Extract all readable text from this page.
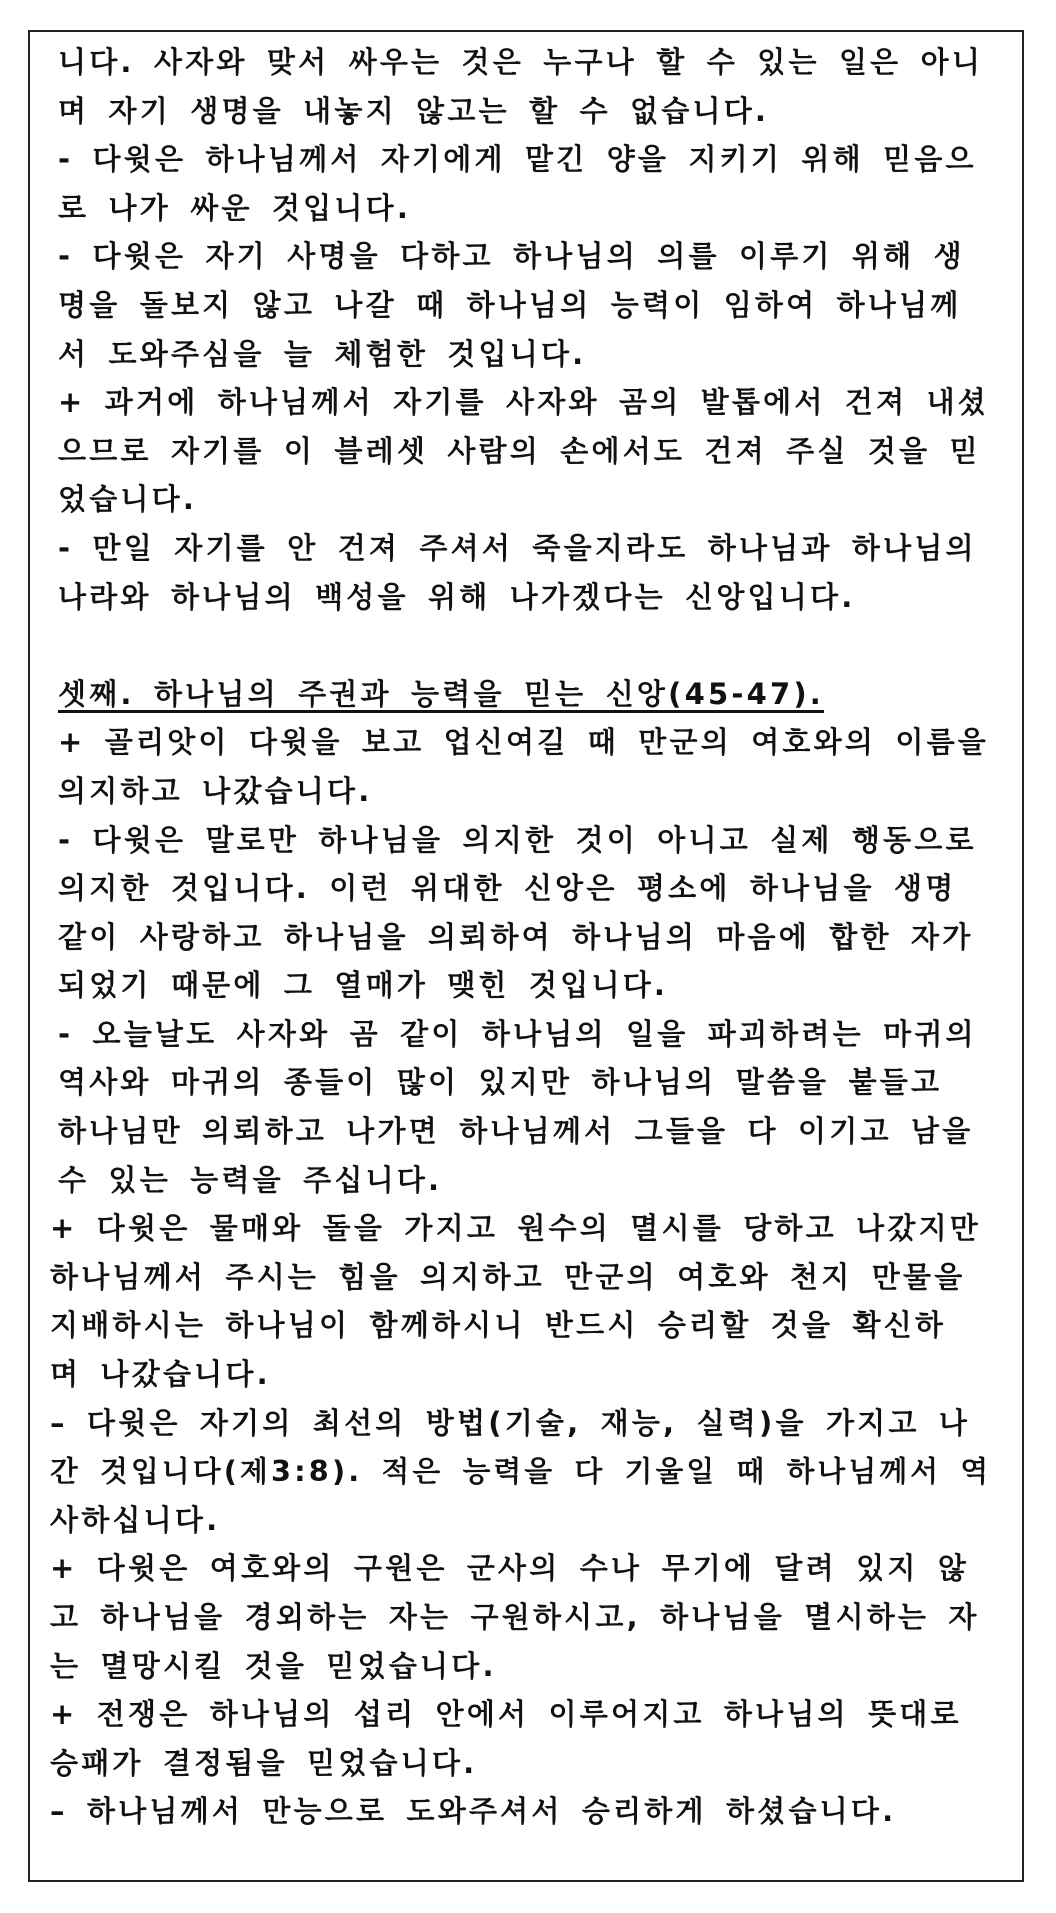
니다. 사자와 맞서 싸우는 것은 누구나 할 수 있는 일은 아니
며 자기 생명을 내놓지 않고는 할 수 없습니다.
- 다윗은 하나님께서 자기에게 맡긴 양을 지키기 위해 믿음으
로 나가 싸운 것입니다.
- 다윗은 자기 사명을 다하고 하나님의 의를 이루기 위해 생
명을 돌보지 않고 나갈 때 하나님의 능력이 임하여 하나님께
서 도와주심을 늘 체험한 것입니다.
+ 과거에 하나님께서 자기를 사자와 곰의 발톱에서 건져 내셨
으므로 자기를 이 블레셋 사람의 손에서도 건져 주실 것을 믿
었습니다.
- 만일 자기를 안 건져 주셔서 죽을지라도 하나님과 하나님의
나라와 하나님의 백성을 위해 나가겠다는 신앙입니다.
셋째. 하나님의 주권과 능력을 믿는 신앙(45-47).
+ 골리앗이 다윗을 보고 업신여길 때 만군의 여호와의 이름을
의지하고 나갔습니다.
- 다윗은 말로만 하나님을 의지한 것이 아니고 실제 행동으로
의지한 것입니다. 이런 위대한 신앙은 평소에 하나님을 생명
같이 사랑하고 하나님을 의뢰하여 하나님의 마음에 합한 자가
되었기 때문에 그 열매가 맺힌 것입니다.
- 오늘날도 사자와 곰 같이 하나님의 일을 파괴하려는 마귀의
역사와 마귀의 종들이 많이 있지만 하나님의 말씀을 붙들고
하나님만 의뢰하고 나가면 하나님께서 그들을 다 이기고 남을
수 있는 능력을 주십니다.
+ 다윗은 물매와 돌을 가지고 원수의 멸시를 당하고 나갔지만
하나님께서 주시는 힘을 의지하고 만군의 여호와 천지 만물을
지배하시는 하나님이 함께하시니 반드시 승리할 것을 확신하
며 나갔습니다.
– 다윗은 자기의 최선의 방법(기술, 재능, 실력)을 가지고 나
간 것입니다(제3:8). 적은 능력을 다 기울일 때 하나님께서 역
사하십니다.
+ 다윗은 여호와의 구원은 군사의 수나 무기에 달려 있지 않
고 하나님을 경외하는 자는 구원하시고, 하나님을 멸시하는 자
는 멸망시킬 것을 믿었습니다.
+ 전쟁은 하나님의 섭리 안에서 이루어지고 하나님의 뜻대로
승패가 결정됨을 믿었습니다.
– 하나님께서 만능으로 도와주셔서 승리하게 하셨습니다.
